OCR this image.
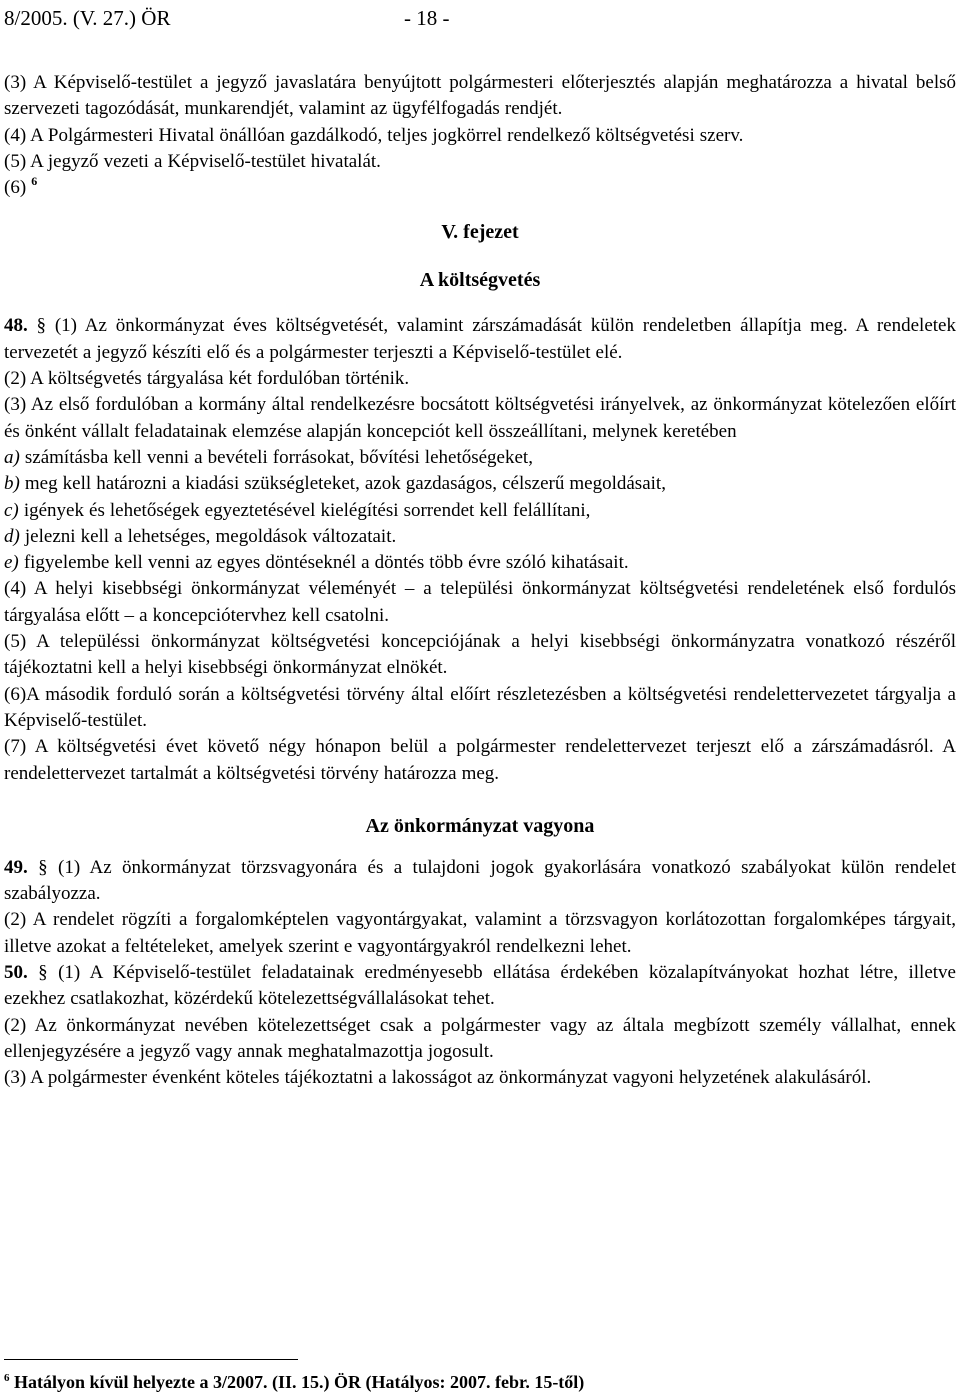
8/2005. (V. 27.) ÖR	- 18 -

(3) A Képviselő-testület a jegyző javaslatára benyújtott polgármesteri előterjesztés alapján meghatározza a hivatal belső szervezeti tagozódását, munkarendjét, valamint az ügyfélfogadás rendjét.

(4) A Polgármesteri Hivatal önállóan gazdálkodó, teljes jogkörrel rendelkező költségvetési szerv.

(5) A jegyző vezeti a Képviselő-testület hivatalát.

(6) $^6$

V. fejezet

A költségvetés

48. § (1) Az önkormányzat éves költségvetését, valamint zárszámadását külön rendeletben állapítja meg. A rendeletek tervezetét a jegyző készíti elő és a polgármester terjeszti a Képviselő-testület elé.

(2) A költségvetés tárgyalása két fordulóban történik.

(3) Az első fordulóban a kormány által rendelkezésre bocsátott költségvetési irányelvek, az önkormányzat kötelezően előírt és önként vállalt feladatainak elemzése alapján koncepciót kell összeállítani, melynek keretében

a) számításba kell venni a bevételi forrásokat, bővítési lehetőségeket,

b) meg kell határozni a kiadási szükségleteket, azok gazdaságos, célszerű megoldásait,

c) igények és lehetőségek egyeztetésével kielégítési sorrendet kell felállítani,

d) jelezni kell a lehetséges, megoldások változatait.

e) figyelembe kell venni az egyes döntéseknél a döntés több évre szóló kihatásait.

(4) A helyi kisebbségi önkormányzat véleményét – a települési önkormányzat költségvetési rendeletének első fordulós tárgyalása előtt – a koncepciótervhez kell csatolni.

(5) A településsi önkormányzat költségvetési koncepciójának a helyi kisebbségi önkormányzatra vonatkozó részéről tájékoztatni kell a helyi kisebbségi önkormányzat elnökét.

(6)A második forduló során a költségvetési törvény által előírt részletezésben a költségvetési rendelettervezetet tárgyalja a Képviselő-testület.

(7) A költségvetési évet követő négy hónapon belül a polgármester rendelettervezet terjeszt elő a zárszámadásról. A rendelettervezet tartalmát a költségvetési törvény határozza meg.

Az önkormányzat vagyona

49. § (1) Az önkormányzat törzsvagyonára és a tulajdoni jogok gyakorlására vonatkozó szabályokat külön rendelet szabályozza.

(2) A rendelet rögzíti a forgalomképtelen vagyontárgyakat, valamint a törzsvagyon korlátozottan forgalomképes tárgyait, illetve azokat a feltételeket, amelyek szerint e vagyontárgyakról rendelkezni lehet.

50. § (1) A Képviselő-testület feladatainak eredményesebb ellátása érdekében közalapítványokat hozhat létre, illetve ezekhez csatlakozhat, közérdekű kötelezettségvállalásokat tehet.

(2) Az önkormányzat nevében kötelezettséget csak a polgármester vagy az általa megbízott személy vállalhat, ennek ellenjegyzésére a jegyző vagy annak meghatalmazottja jogosult.

(3) A polgármester évenként köteles tájékoztatni a lakosságot az önkormányzat vagyoni helyzetének alakulásáról.

$^6$ Hatályon kívül helyezte a 3/2007. (II. 15.) ÖR (Hatályos: 2007. febr. 15-től)
